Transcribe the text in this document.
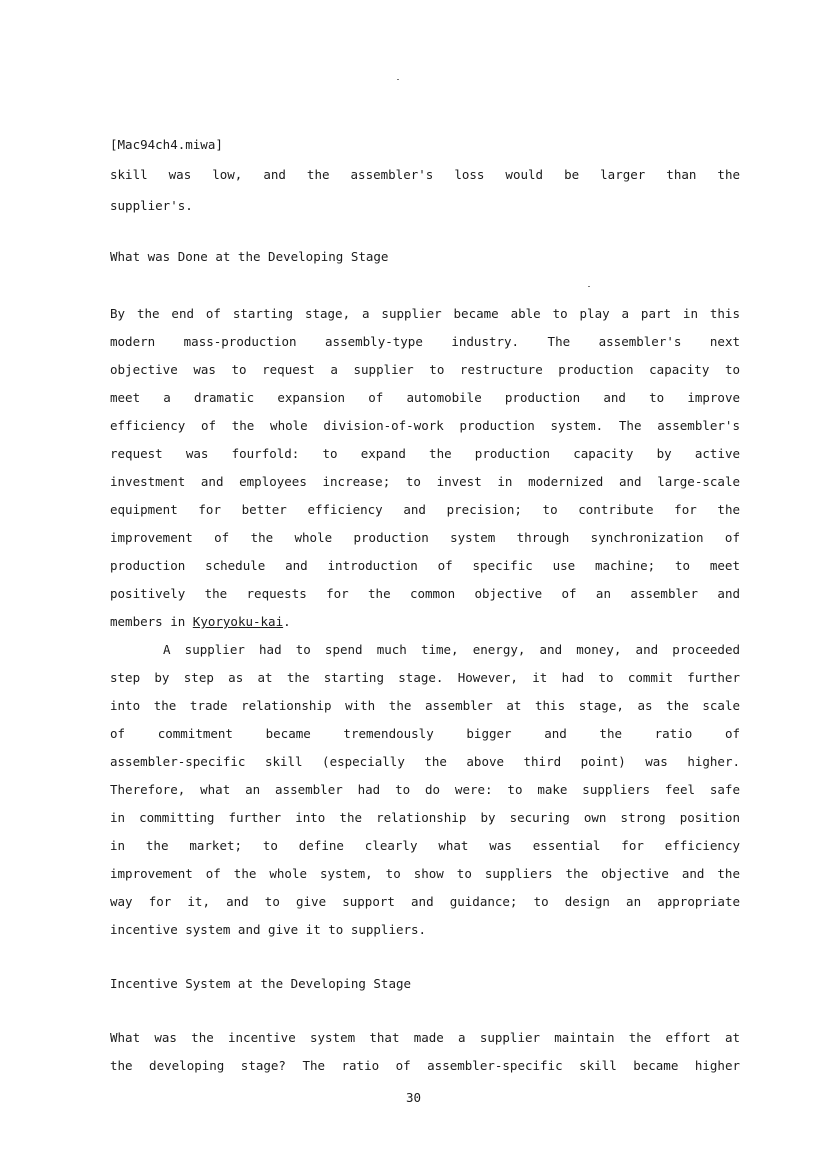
[Mac94ch4.miwa]
skill was low, and the assembler's loss would be larger than the
supplier's.
What was Done at the Developing Stage
By the end of starting stage, a supplier became able to play a part in this
modern mass-production assembly-type industry. The assembler's next
objective was to request a supplier to restructure production capacity to
meet a dramatic expansion of automobile production and to improve
efficiency of the whole division-of-work production system. The assembler's
request was fourfold: to expand the production capacity by active
investment and employees increase; to invest in modernized and large-scale
equipment for better efficiency and precision; to contribute for the
improvement of the whole production system through synchronization of
production schedule and introduction of specific use machine; to meet
positively the requests for the common objective of an assembler and
members in Kyoryoku-kai.
A supplier had to spend much time, energy, and money, and proceeded
step by step as at the starting stage. However, it had to commit further
into the trade relationship with the assembler at this stage, as the scale
of commitment became tremendously bigger and the ratio of
assembler-specific skill (especially the above third point) was higher.
Therefore, what an assembler had to do were: to make suppliers feel safe
in committing further into the relationship by securing own strong position
in the market; to define clearly what was essential for efficiency
improvement of the whole system, to show to suppliers the objective and the
way for it, and to give support and guidance; to design an appropriate
incentive system and give it to suppliers.
Incentive System at the Developing Stage
What was the incentive system that made a supplier maintain the effort at
the developing stage? The ratio of assembler-specific skill became higher
30
